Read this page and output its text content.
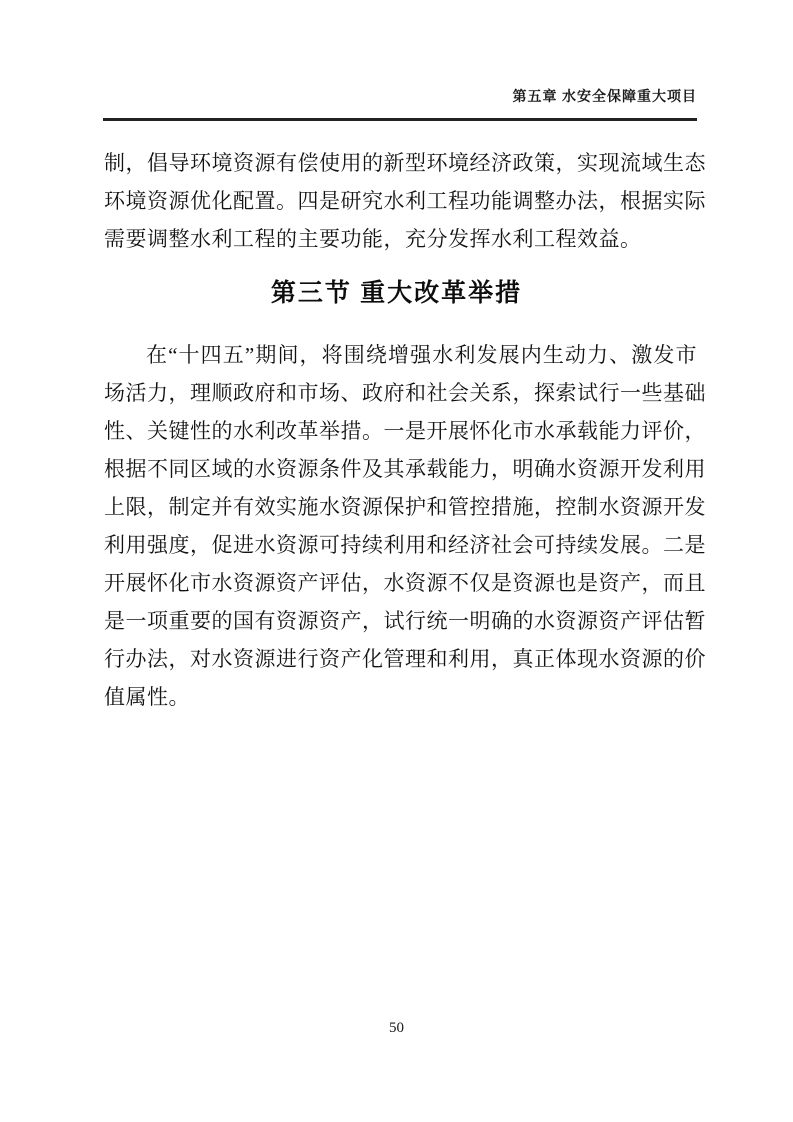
第五章 水安全保障重大项目
制，倡导环境资源有偿使用的新型环境经济政策，实现流域生态
环境资源优化配置。四是研究水利工程功能调整办法，根据实际
需要调整水利工程的主要功能，充分发挥水利工程效益。
第三节 重大改革举措
在“十四五”期间，将围绕增强水利发展内生动力、激发市
场活力，理顺政府和市场、政府和社会关系，探索试行一些基础
性、关键性的水利改革举措。一是开展怀化市水承载能力评价，
根据不同区域的水资源条件及其承载能力，明确水资源开发利用
上限，制定并有效实施水资源保护和管控措施，控制水资源开发
利用强度，促进水资源可持续利用和经济社会可持续发展。二是
开展怀化市水资源资产评估，水资源不仅是资源也是资产，而且
是一项重要的国有资源资产，试行统一明确的水资源资产评估暂
行办法，对水资源进行资产化管理和利用，真正体现水资源的价
值属性。
50
